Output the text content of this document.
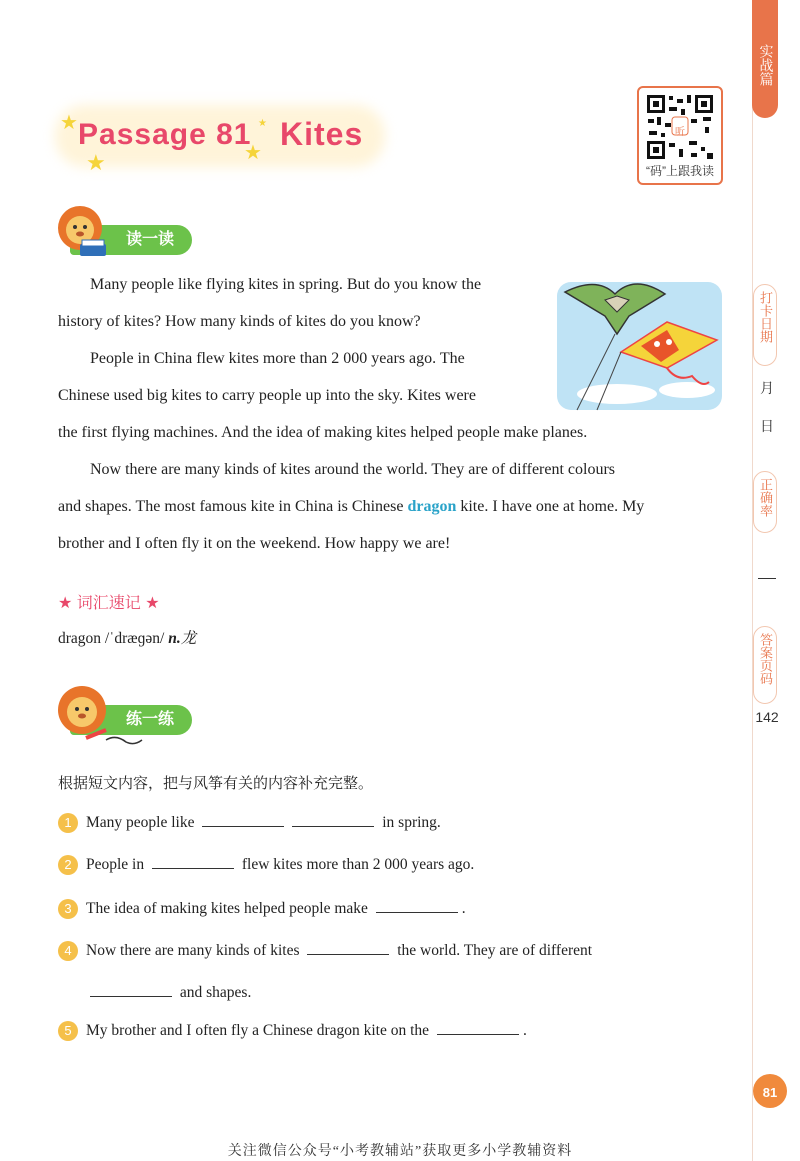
实战篇
打卡日期
月
日
正确率
答案页码
142
★
★	★
★
Passage 81 Kites	听
“码”上跟我读
读一读
Many people like flying kites in spring. But do you know the
history of kites? How many kinds of kites do you know?
People in China flew kites more than 2 000 years ago. The
Chinese used big kites to carry people up into the sky. Kites were
the first flying machines. And the idea of making kites helped people make planes.
Now there are many kinds of kites around the world. They are of different colours
and shapes. The most famous kite in China is Chinese dragon kite. I have one at home. My
brother and I often fly it on the weekend. How happy we are!
★ 词汇速记 ★
dragon /ˈdræɡən/ n.龙
练一练
根据短文内容，把与风筝有关的内容补充完整。
1 Many people like	in spring.
2 People in	flew kites more than 2 000 years ago.
3 The idea of making kites helped people make	.
4 Now there are many kinds of kites	the world. They are of different
and shapes.
5 My brother and I often fly a Chinese dragon kite on the	.
81
关注微信公众号“小考教辅站”获取更多小学教辅资料
